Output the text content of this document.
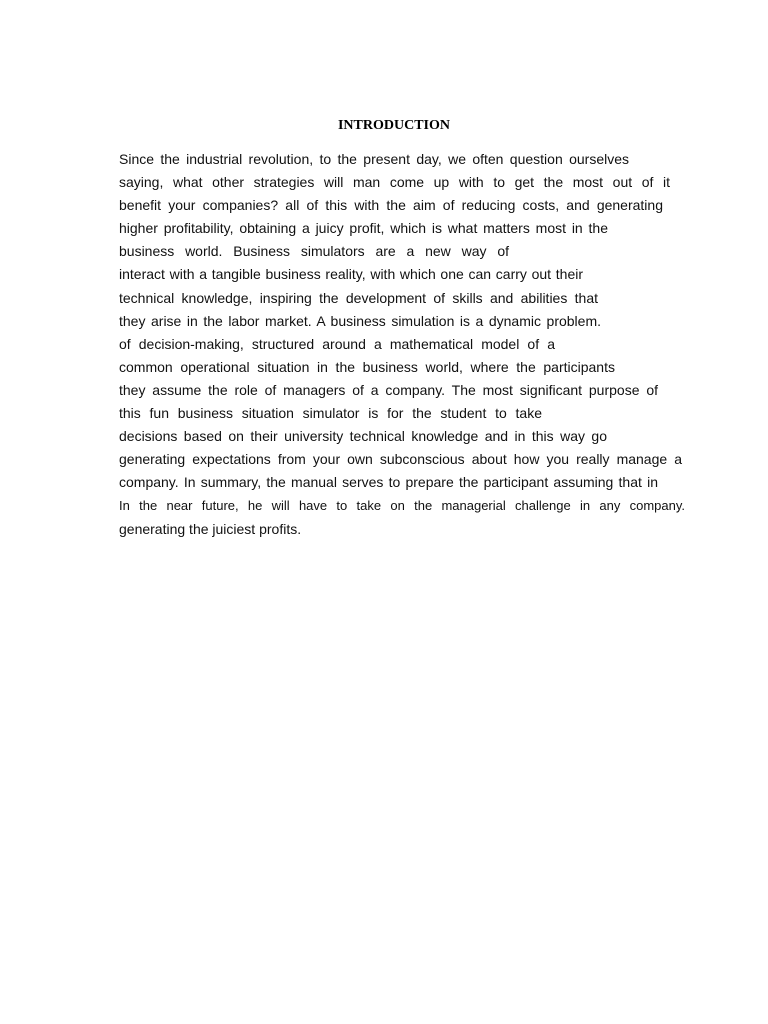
INTRODUCTION
Since the industrial revolution, to the present day, we often question ourselves
saying, what other strategies will man come up with to get the most out of it
benefit your companies? all of this with the aim of reducing costs, and generating
higher profitability, obtaining a juicy profit, which is what matters most in the
business world. Business simulators are a new way of
interact with a tangible business reality, with which one can carry out their
technical knowledge, inspiring the development of skills and abilities that
they arise in the labor market. A business simulation is a dynamic problem.
of decision-making, structured around a mathematical model of a
common operational situation in the business world, where the participants
they assume the role of managers of a company. The most significant purpose of
this fun business situation simulator is for the student to take
decisions based on their university technical knowledge and in this way go
generating expectations from your own subconscious about how you really manage a
company. In summary, the manual serves to prepare the participant assuming that in
In the near future, he will have to take on the managerial challenge in any company.
generating the juiciest profits.
